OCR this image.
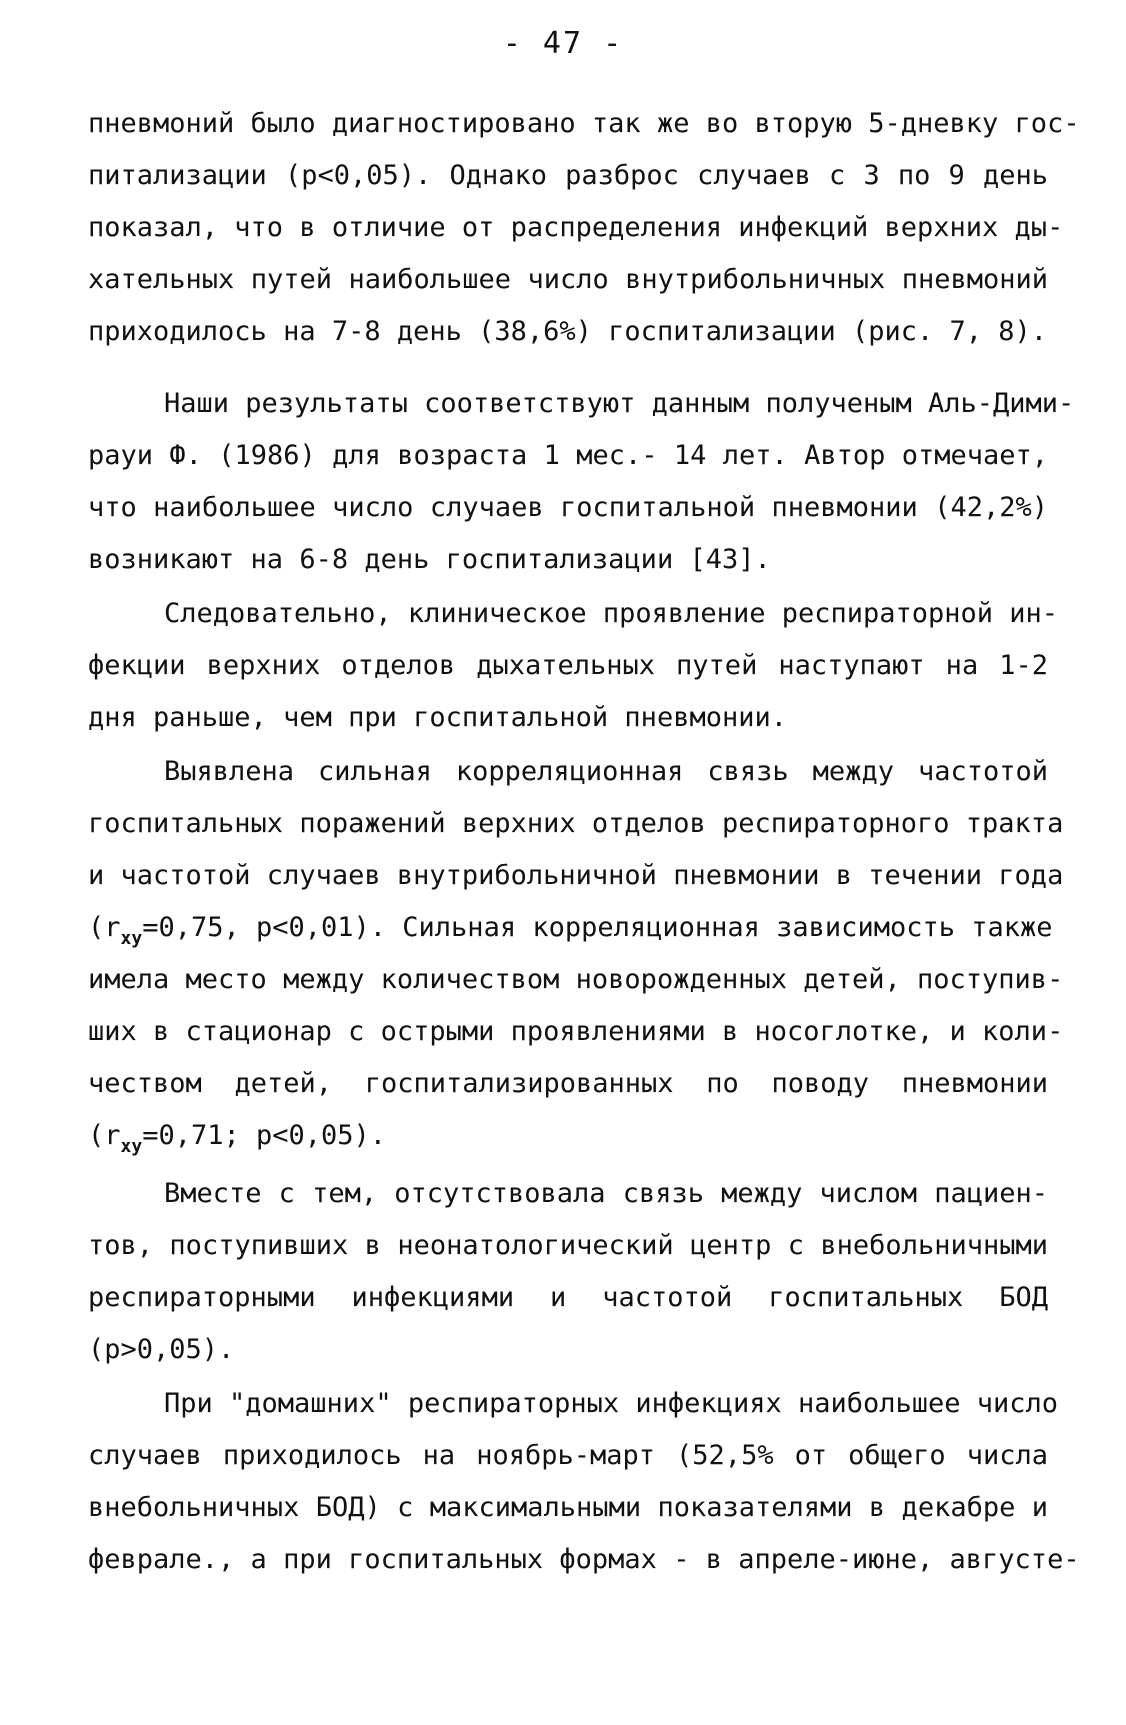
- 47 -
пневмоний было диагностировано так же во вторую 5-дневку гос-
питализации (р<0,05). Однако разброс случаев с 3 по 9 день
показал, что в отличие от распределения инфекций верхних ды-
хательных путей наибольшее число внутрибольничных пневмоний
приходилось на 7-8 день (38,6%) госпитализации (рис. 7, 8).
Наши результаты соответствуют данным полученым Аль-Дими-
рауи Ф. (1986) для возраста 1 мес.- 14 лет. Автор отмечает,
что наибольшее число случаев госпитальной пневмонии (42,2%)
возникают на 6-8 день госпитализации [43].
Следовательно, клиническое проявление респираторной ин-
фекции верхних отделов дыхательных путей наступают на 1-2
дня раньше, чем при госпитальной пневмонии.
Выявлена сильная корреляционная связь между частотой
госпитальных поражений верхних отделов респираторного тракта
и частотой случаев внутрибольничной пневмонии в течении года
($r_{xy}=0,75$, р<0,01). Сильная корреляционная зависимость также
имела место между количеством новорожденных детей, поступив-
ших в стационар с острыми проявлениями в носоглотке, и коли-
чеством детей, госпитализированных по поводу пневмонии
($r_{xy}=0,71$; р<0,05).
Вместе с тем, отсутствовала связь между числом пациен-
тов, поступивших в неонатологический центр с внебольничными
респираторными инфекциями и частотой госпитальных БОД
(р>0,05).
При "домашних" респираторных инфекциях наибольшее число
случаев приходилось на ноябрь-март (52,5% от общего числа
внебольничных БОД) с максимальными показателями в декабре и
феврале., а при госпитальных формах - в апреле-июне, августе-
